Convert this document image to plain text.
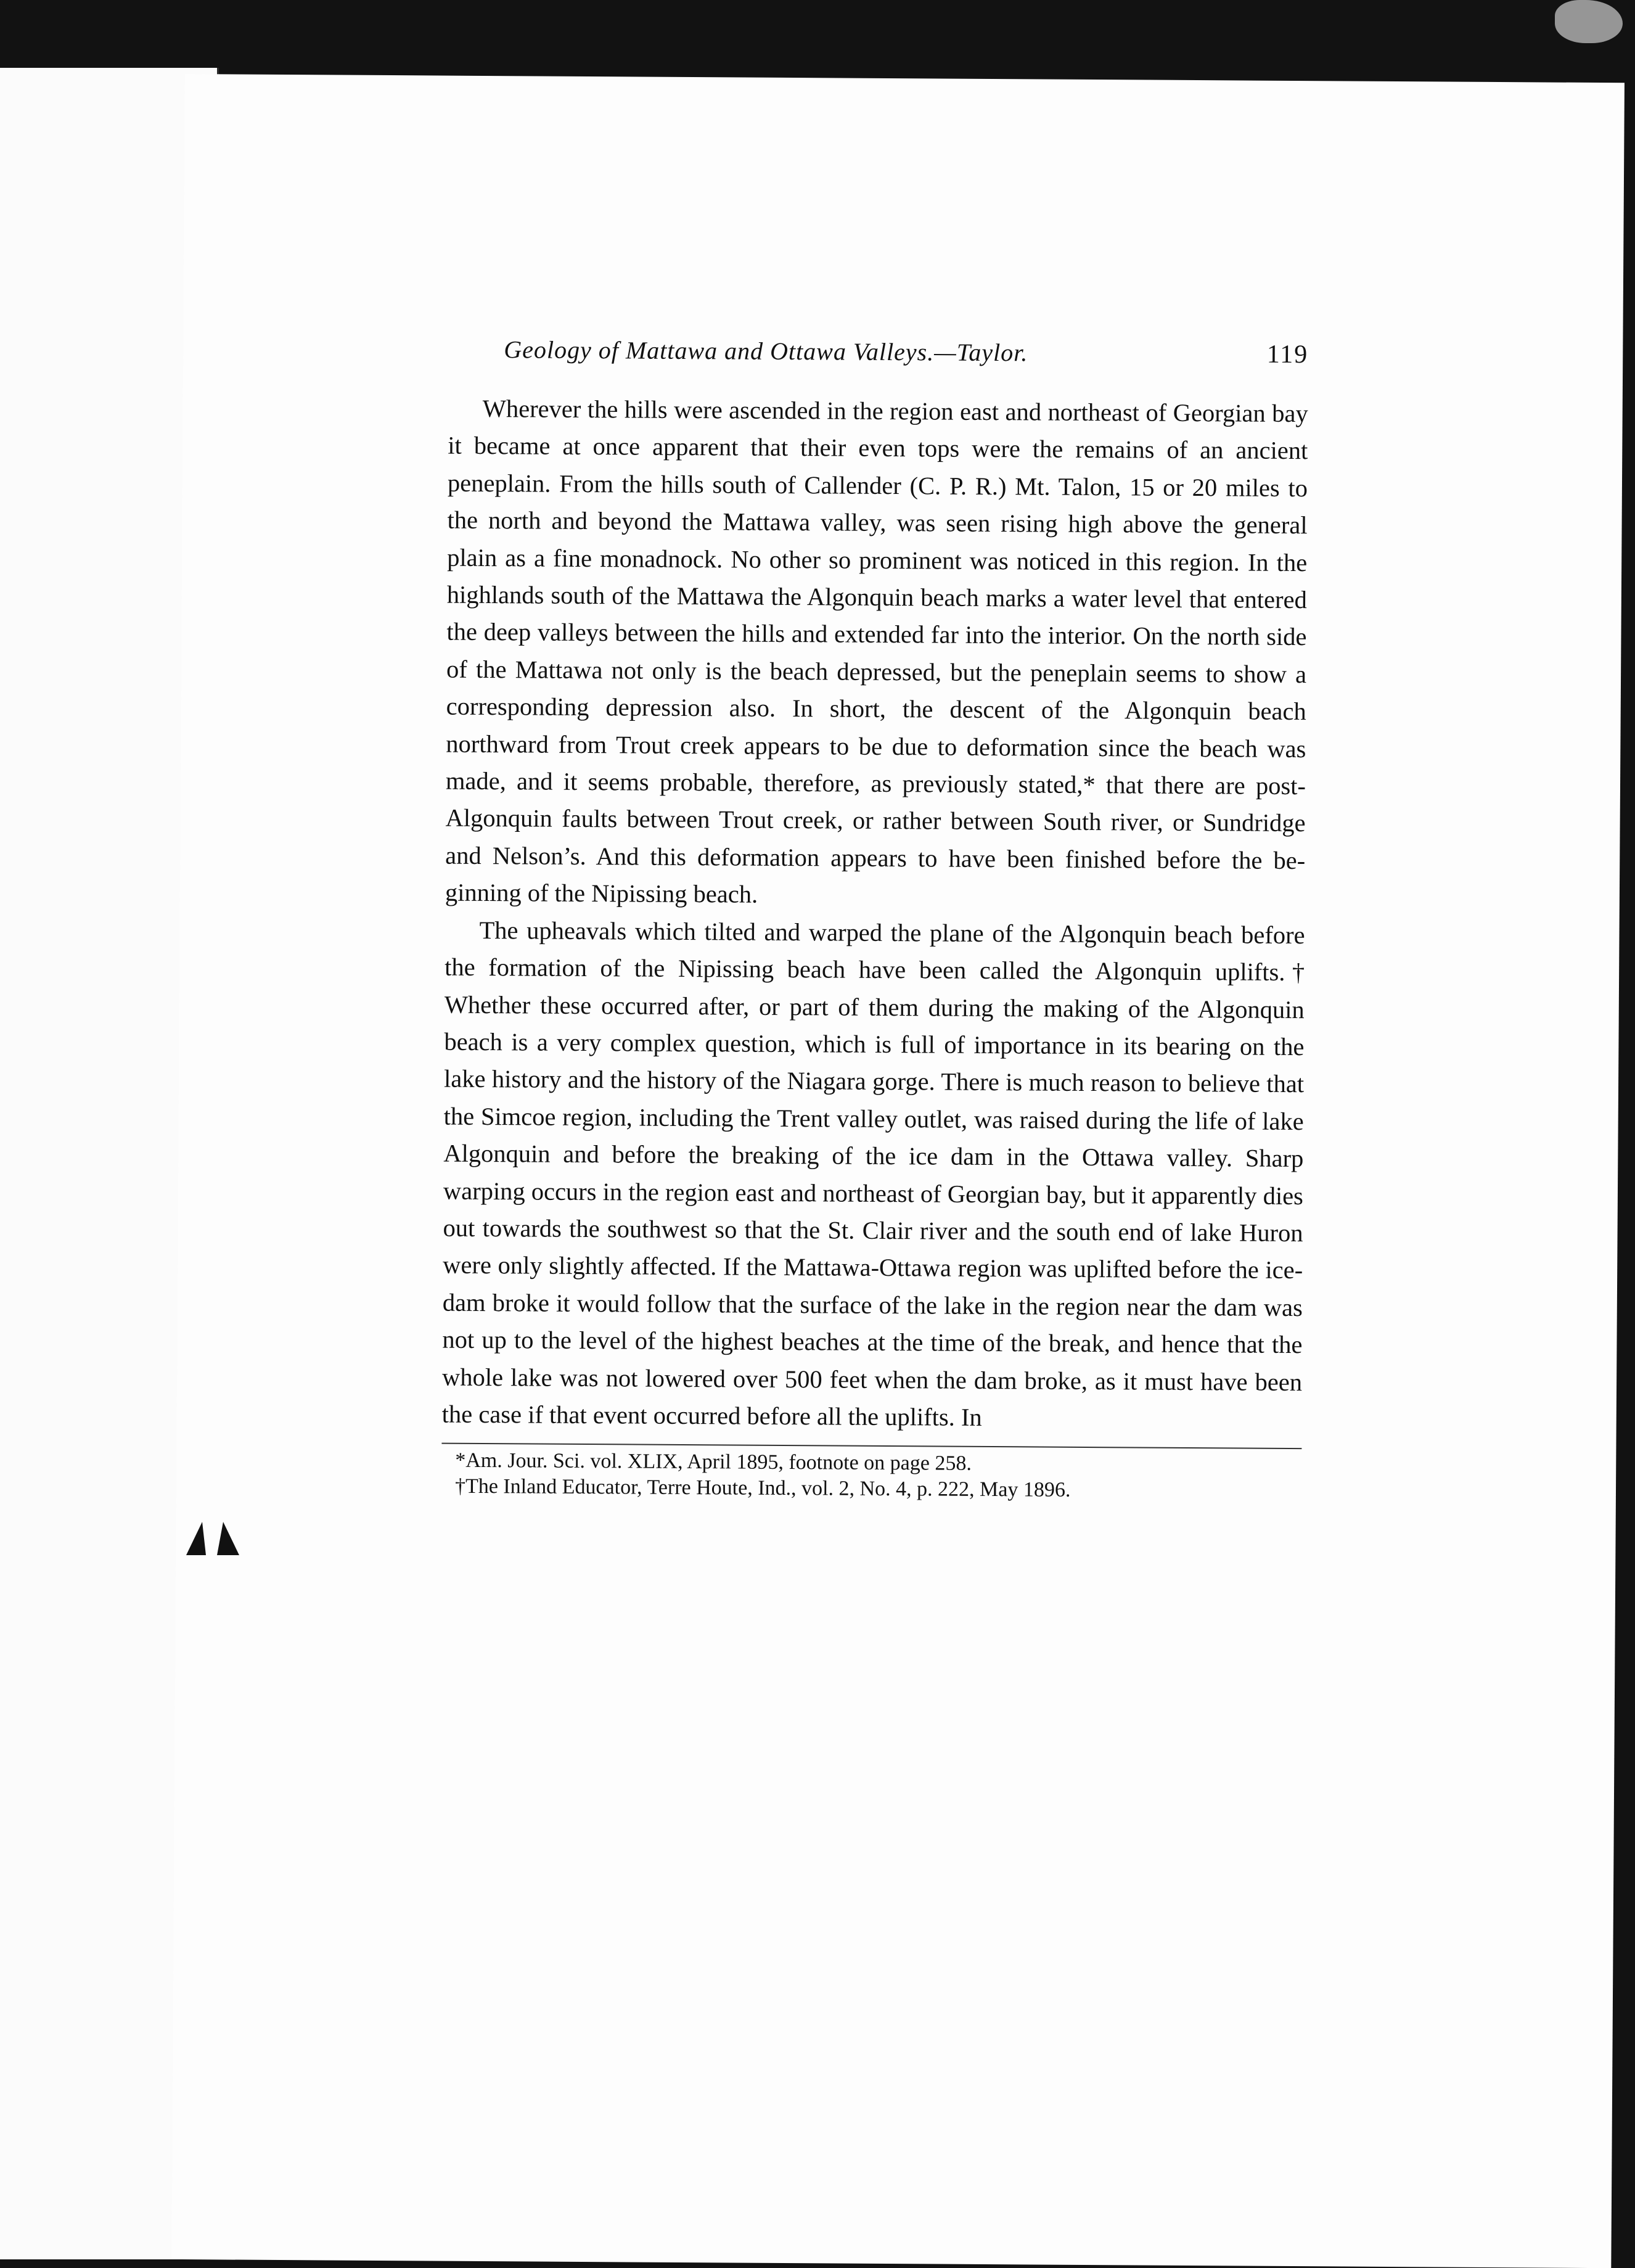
Geology of Mattawa and Ottawa Valleys.—Taylor.	119

Wherever the hills were ascended in the region east and northeast of Georgian bay it became at once apparent that their even tops were the remains of an ancient peneplain. From the hills south of Callender (C. P. R.) Mt. Talon, 15 or 20 miles to the north and beyond the Mattawa valley, was seen rising high above the general plain as a fine monadnock. No other so prominent was noticed in this region. In the highlands south of the Mattawa the Algonquin beach marks a water level that entered the deep valleys between the hills and extended far into the interior. On the north side of the Mattawa not only is the beach depressed, but the peneplain seems to show a corresponding depression also. In short, the descent of the Algonquin beach northward from Trout creek appears to be due to deformation since the beach was made, and it seems probable, therefore, as previously stated,* that there are post-Algonquin faults between Trout creek, or rather between South river, or Sundridge and Nelson’s. And this deformation appears to have been finished before the beginning of the Nipissing beach.

The upheavals which tilted and warped the plane of the Algonquin beach before the formation of the Nipissing beach have been called the Algonquin uplifts.† Whether these occurred after, or part of them during the making of the Algonquin beach is a very complex question, which is full of importance in its bearing on the lake history and the history of the Niagara gorge. There is much reason to believe that the Simcoe region, including the Trent valley outlet, was raised during the life of lake Algonquin and before the breaking of the ice dam in the Ottawa valley. Sharp warping occurs in the region east and northeast of Georgian bay, but it apparently dies out towards the southwest so that the St. Clair river and the south end of lake Huron were only slightly affected. If the Mattawa-Ottawa region was uplifted before the ice-dam broke it would follow that the surface of the lake in the region near the dam was not up to the level of the highest beaches at the time of the break, and hence that the whole lake was not lowered over 500 feet when the dam broke, as it must have been the case if that event occurred before all the uplifts. In

*Am. Jour. Sci. vol. XLIX, April 1895, footnote on page 258.

†The Inland Educator, Terre Houte, Ind., vol. 2, No. 4, p. 222, May 1896.
